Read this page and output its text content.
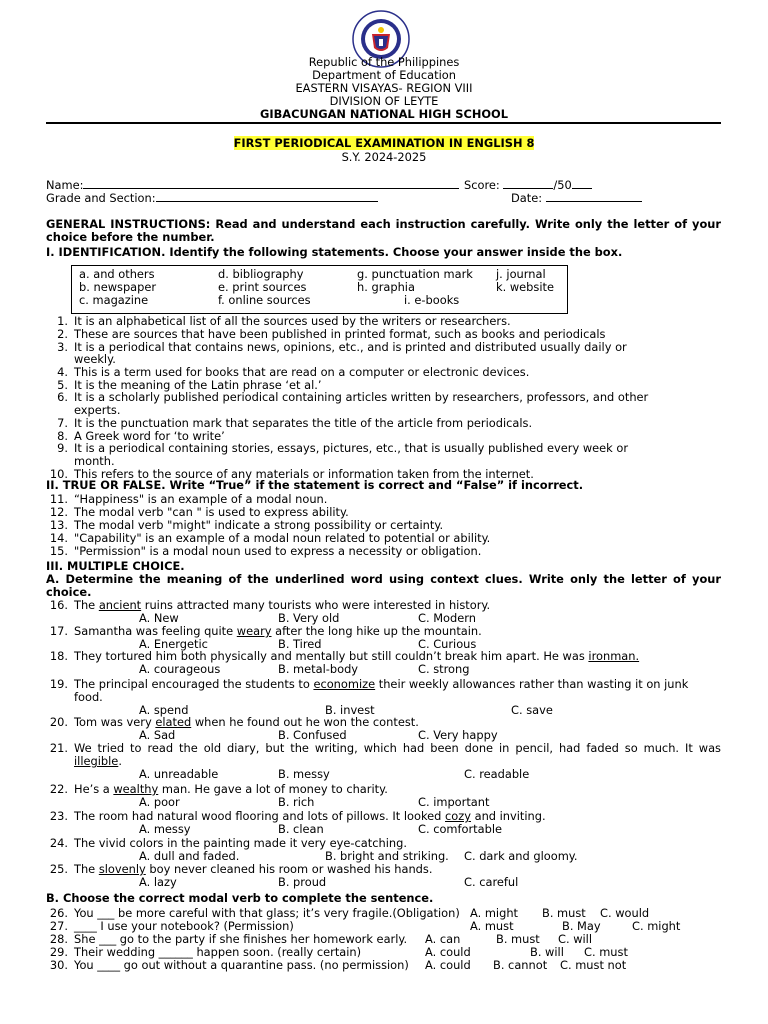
Republic of the Philippines
Department of Education
EASTERN VISAYAS- REGION VIII
DIVISION OF LEYTE
GIBACUNGAN NATIONAL HIGH SCHOOL
FIRST PERIODICAL EXAMINATION IN ENGLISH 8
S.Y. 2024-2025
Name:	Score:	/50
Grade and Section:	Date:
GENERAL INSTRUCTIONS: Read and understand each instruction carefully. Write only the letter of your choice before the number.
I. IDENTIFICATION. Identify the following statements. Choose your answer inside the box.
a. and others	d. bibliography	g. punctuation mark j. journal
b. newspaper	e. print sources	h. graphia	k. website
c. magazine	f. online sources	i. e-books
1. It is an alphabetical list of all the sources used by the writers or researchers.
2. These are sources that have been published in printed format, such as books and periodicals
3. It is a periodical that contains news, opinions, etc., and is printed and distributed usually daily or
weekly.
4. This is a term used for books that are read on a computer or electronic devices.
5. It is the meaning of the Latin phrase ‘et al.’
6. It is a scholarly published periodical containing articles written by researchers, professors, and other
experts.
7. It is the punctuation mark that separates the title of the article from periodicals.
8. A Greek word for ‘to write’
9. It is a periodical containing stories, essays, pictures, etc., that is usually published every week or
month.
10. This refers to the source of any materials or information taken from the internet.
II. TRUE OR FALSE. Write “True” if the statement is correct and “False” if incorrect.
11. “Happiness" is an example of a modal noun.
12. The modal verb "can " is used to express ability.
13. The modal verb "might" indicate a strong possibility or certainty.
14. "Capability" is an example of a modal noun related to potential or ability.
15. "Permission" is a modal noun used to express a necessity or obligation.
III. MULTIPLE CHOICE.
A. Determine the meaning of the underlined word using context clues. Write only the letter of your choice.
16. The ancient ruins attracted many tourists who were interested in history.
A. New	B. Very old	C. Modern
17. Samantha was feeling quite weary after the long hike up the mountain.
A. Energetic	B. Tired	C. Curious
18. They tortured him both physically and mentally but still couldn’t break him apart. He was ironman.
A. courageous	B. metal-body	C. strong
19. The principal encouraged the students to economize their weekly allowances rather than wasting it on junk
food.
A. spend	B. invest	C. save
20. Tom was very elated when he found out he won the contest.
A. Sad	B. Confused	C. Very happy
21. We tried to read the old diary, but the writing, which had been done in pencil, had faded so much. It was
illegible.
A. unreadable	B. messy	C. readable
22. He’s a wealthy man. He gave a lot of money to charity.
A. poor	B. rich	C. important
23. The room had natural wood flooring and lots of pillows. It looked cozy and inviting.
A. messy	B. clean	C. comfortable
24. The vivid colors in the painting made it very eye-catching.
A. dull and faded.	B. bright and striking. C. dark and gloomy.
25. The slovenly boy never cleaned his room or washed his hands.
A. lazy	B. proud	C. careful
B. Choose the correct modal verb to complete the sentence.
26. You ___ be more careful with that glass; it’s very fragile.(Obligation) A. might B. must C. would
27. ____ I use your notebook? (Permission)	A. must	B. May	C. might
28. She ___ go to the party if she finishes her homework early. A. can	B. must C. will
29. Their wedding ______ happen soon. (really certain)	A. could	B. will C. must
30. You ____ go out without a quarantine pass. (no permission) A. could B. cannot C. must not
